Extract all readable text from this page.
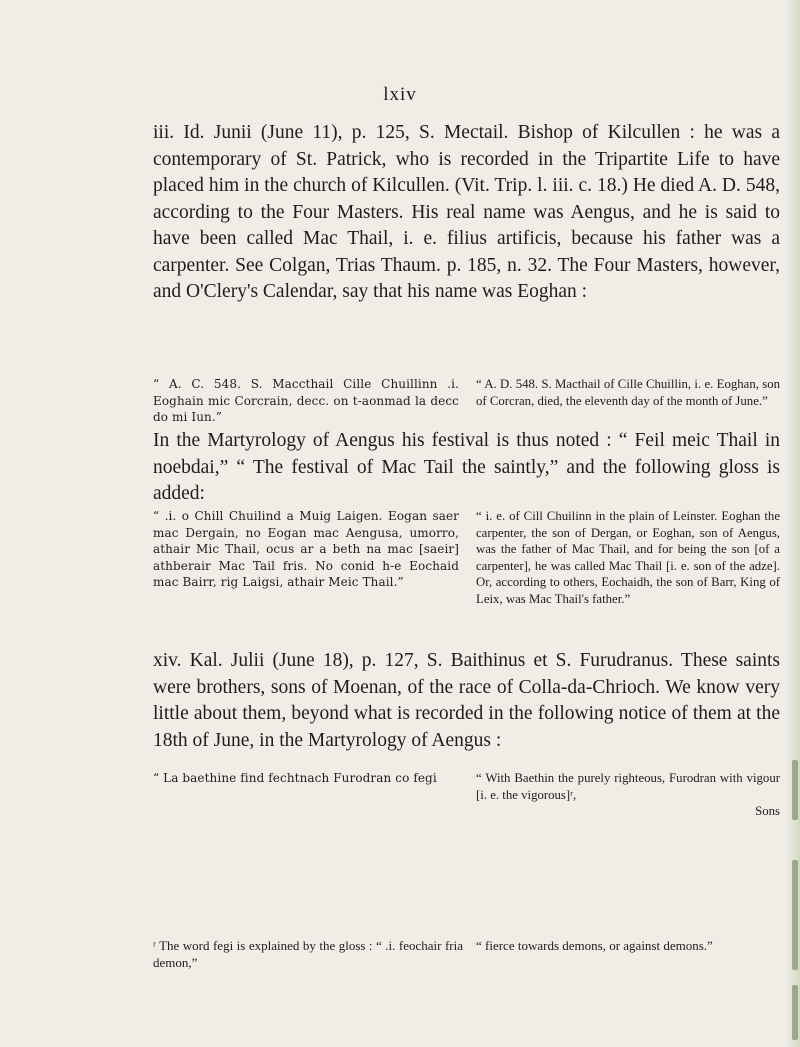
lxiv

iii. Id. Junii (June 11), p. 125, S. Mectail. Bishop of Kilcullen : he was a contemporary of St. Patrick, who is recorded in the Tripartite Life to have placed him in the church of Kilcullen. (Vit. Trip. l. iii. c. 18.) He died A. D. 548, according to the Four Masters. His real name was Aengus, and he is said to have been called Mac Thail, i. e. filius artificis, because his father was a carpenter. See Colgan, Trias Thaum. p. 185, n. 32. The Four Masters, however, and O'Clery's Calendar, say that his name was Eoghan :

“ A. C. 548. S. Maccthail Cille Chuillinn .i. Eoghain mic Corcrain, decc. on t-aonmad la decc do mi Iun.”

“ A. D. 548. S. Macthail of Cille Chuillin, i. e. Eoghan, son of Corcran, died, the eleventh day of the month of June.”

In the Martyrology of Aengus his festival is thus noted : “ Feil meic Thail in noebdai,” “ The festival of Mac Tail the saintly,” and the following gloss is added:

“ .i. o Chill Chuilind a Muig Laigen. Eogan saer mac Dergain, no Eogan mac Aengusa, umorro, athair Mic Thail, ocus ar a beth na mac [saeir] athberair Mac Tail fris. No conid h-e Eochaid mac Bairr, rig Laigsi, athair Meic Thail.”

“ i. e. of Cill Chuilinn in the plain of Leinster. Eoghan the carpenter, the son of Dergan, or Eoghan, son of Aengus, was the father of Mac Thail, and for being the son [of a carpenter], he was called Mac Thail [i. e. son of the adze]. Or, according to others, Eochaidh, the son of Barr, King of Leix, was Mac Thail's father.”

xiv. Kal. Julii (June 18), p. 127, S. Baithinus et S. Furudranus. These saints were brothers, sons of Moenan, of the race of Colla-da-Chrioch. We know very little about them, beyond what is recorded in the following notice of them at the 18th of June, in the Martyrology of Aengus :

“ La baethine find fechtnach Furodran co fegi	“ With Baethin the purely righteous, Furodran with vigour [i. e. the vigorous]ʳ,

Sons

ʳ The word fegi is explained by the gloss : “ .i. feochair fria demon,”
“ fierce towards demons, or against demons.”
